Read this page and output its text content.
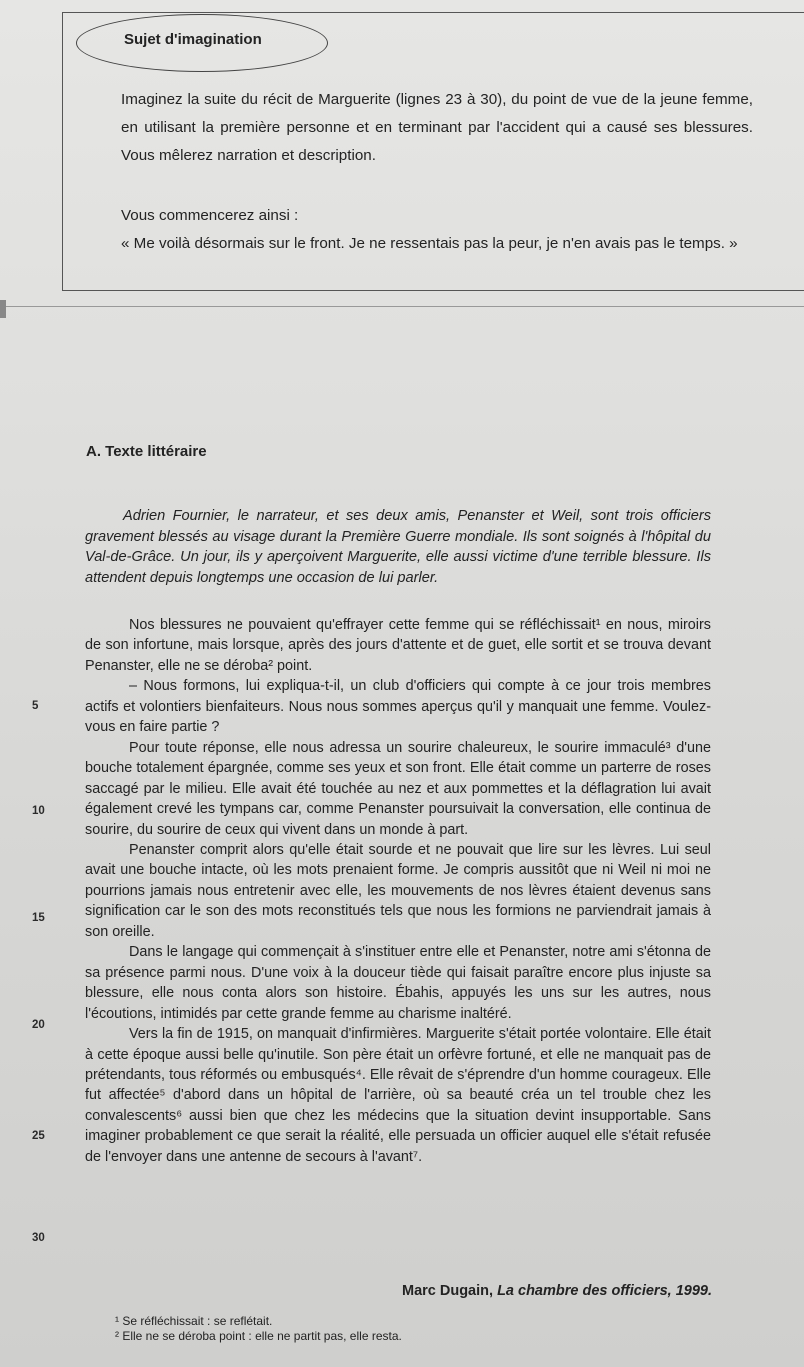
Sujet d'imagination
Imaginez la suite du récit de Marguerite (lignes 23 à 30), du point de vue de la jeune femme, en utilisant la première personne et en terminant par l'accident qui a causé ses blessures. Vous mêlerez narration et description.
Vous commencerez ainsi :
« Me voilà désormais sur le front. Je ne ressentais pas la peur, je n'en avais pas le temps. »
A. Texte littéraire

Adrien Fournier, le narrateur, et ses deux amis, Penanster et Weil, sont trois officiers gravement blessés au visage durant la Première Guerre mondiale. Ils sont soignés à l'hôpital du Val-de-Grâce. Un jour, ils y aperçoivent Marguerite, elle aussi victime d'une terrible blessure. Ils attendent depuis longtemps une occasion de lui parler.

Nos blessures ne pouvaient qu'effrayer cette femme qui se réfléchissait¹ en nous, miroirs de son infortune, mais lorsque, après des jours d'attente et de guet, elle sortit et se trouva devant Penanster, elle ne se déroba² point.

– Nous formons, lui expliqua-t-il, un club d'officiers qui compte à ce jour trois membres actifs et volontiers bienfaiteurs. Nous nous sommes aperçus qu'il y manquait une femme. Voulez-vous en faire partie ?

Pour toute réponse, elle nous adressa un sourire chaleureux, le sourire immaculé³ d'une bouche totalement épargnée, comme ses yeux et son front. Elle était comme un parterre de roses saccagé par le milieu. Elle avait été touchée au nez et aux pommettes et la déflagration lui avait également crevé les tympans car, comme Penanster poursuivait la conversation, elle continua de sourire, du sourire de ceux qui vivent dans un monde à part.

Penanster comprit alors qu'elle était sourde et ne pouvait que lire sur les lèvres. Lui seul avait une bouche intacte, où les mots prenaient forme. Je compris aussitôt que ni Weil ni moi ne pourrions jamais nous entretenir avec elle, les mouvements de nos lèvres étaient devenus sans signification car le son des mots reconstitués tels que nous les formions ne parviendrait jamais à son oreille.

Dans le langage qui commençait à s'instituer entre elle et Penanster, notre ami s'étonna de sa présence parmi nous. D'une voix à la douceur tiède qui faisait paraître encore plus injuste sa blessure, elle nous conta alors son histoire. Ébahis, appuyés les uns sur les autres, nous l'écoutions, intimidés par cette grande femme au charisme inaltéré.

Vers la fin de 1915, on manquait d'infirmières. Marguerite s'était portée volontaire. Elle était à cette époque aussi belle qu'inutile. Son père était un orfèvre fortuné, et elle ne manquait pas de prétendants, tous réformés ou embusqués⁴. Elle rêvait de s'éprendre d'un homme courageux. Elle fut affectée⁵ d'abord dans un hôpital de l'arrière, où sa beauté créa un tel trouble chez les convalescents⁶ aussi bien que chez les médecins que la situation devint insupportable. Sans imaginer probablement ce que serait la réalité, elle persuada un officier auquel elle s'était refusée de l'envoyer dans une antenne de secours à l'avant⁷.

5
10
15
20
25
30
Marc Dugain, La chambre des officiers, 1999.

¹ Se réfléchissait : se reflétait.

² Elle ne se déroba point : elle ne partit pas, elle resta.
